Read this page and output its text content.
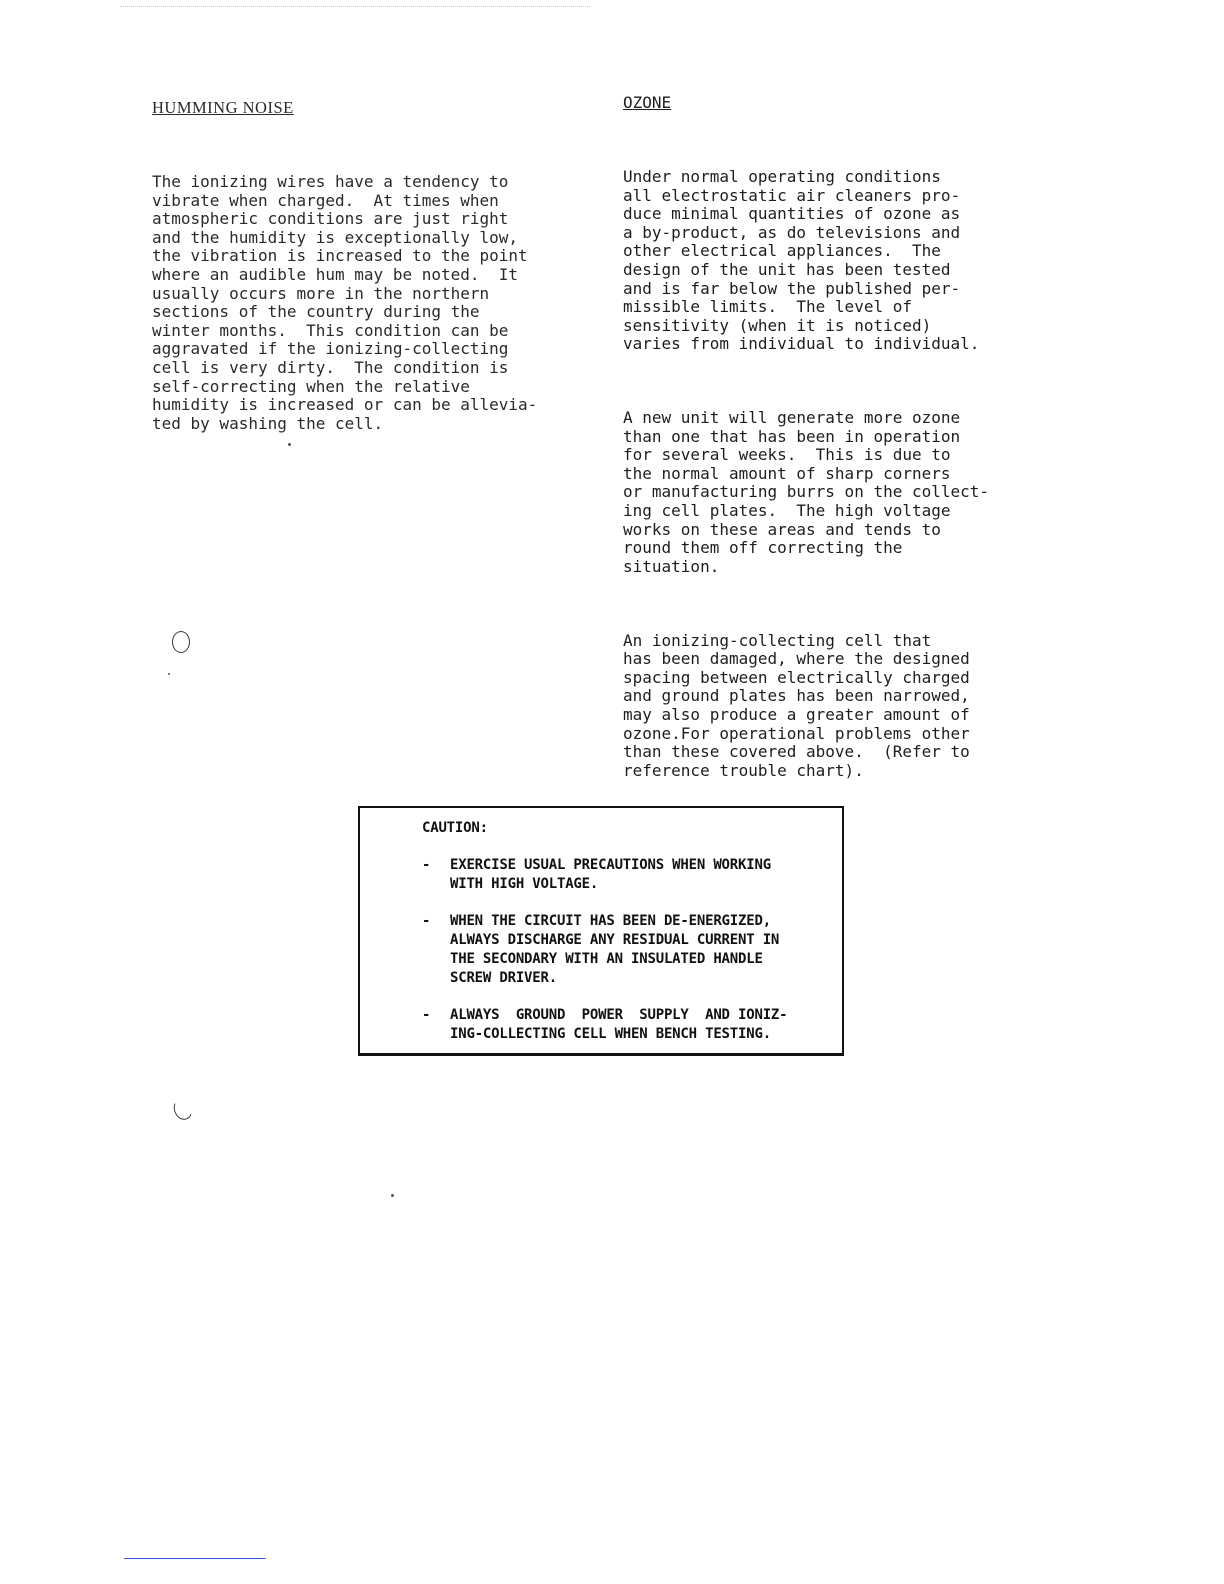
HUMMING NOISE

The ionizing wires have a tendency to
vibrate when charged.  At times when
atmospheric conditions are just right
and the humidity is exceptionally low,
the vibration is increased to the point
where an audible hum may be noted.  It
usually occurs more in the northern
sections of the country during the
winter months.  This condition can be
aggravated if the ionizing-collecting
cell is very dirty.  The condition is
self-correcting when the relative
humidity is increased or can be allevia-
ted by washing the cell.

OZONE

Under normal operating conditions
all electrostatic air cleaners pro-
duce minimal quantities of ozone as
a by-product, as do televisions and
other electrical appliances.  The
design of the unit has been tested
and is far below the published per-
missible limits.  The level of
sensitivity (when it is noticed)
varies from individual to individual.

A new unit will generate more ozone
than one that has been in operation
for several weeks.  This is due to
the normal amount of sharp corners
or manufacturing burrs on the collect-
ing cell plates.  The high voltage
works on these areas and tends to
round them off correcting the
situation.

An ionizing-collecting cell that
has been damaged, where the designed
spacing between electrically charged
and ground plates has been narrowed,
may also produce a greater amount of
ozone.For operational problems other
than these covered above.  (Refer to
reference trouble chart).

CAUTION:
-	EXERCISE USUAL PRECAUTIONS WHEN WORKING
WITH HIGH VOLTAGE.
-	WHEN THE CIRCUIT HAS BEEN DE-ENERGIZED,
ALWAYS DISCHARGE ANY RESIDUAL CURRENT IN
THE SECONDARY WITH AN INSULATED HANDLE
SCREW DRIVER.
-	ALWAYS  GROUND  POWER  SUPPLY  AND IONIZ-
ING-COLLECTING CELL WHEN BENCH TESTING.
